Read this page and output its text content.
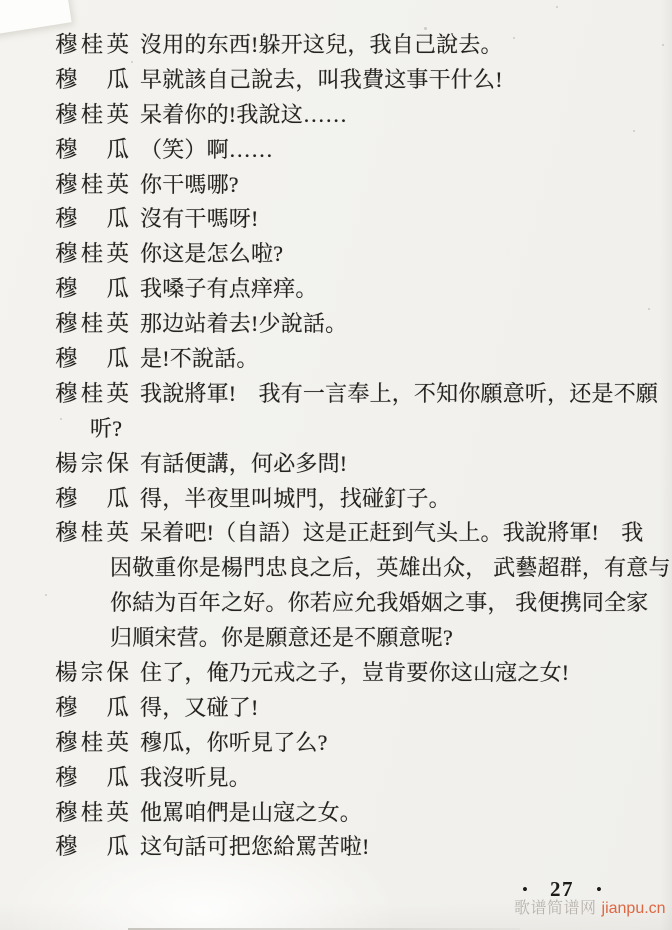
穆 桂 英 沒用的东西!躲开这兒，我自己說去。
穆 瓜 早就該自己說去，叫我費这事干什么!
穆 桂 英 呆着你的!我說这……
穆 瓜 （笑）啊……
穆 桂 英 你干嗎哪?
穆 瓜 沒有干嗎呀!
穆 桂 英 你这是怎么啦?
穆 瓜 我嗓子有点痒痒。
穆 桂 英 那边站着去!少說話。
穆 瓜 是!不說話。
穆 桂 英 我說將軍!　我有一言奉上，不知你願意听，还是不願
听?
楊 宗 保 有話便講，何必多問!
穆 瓜 得，半夜里叫城門，找碰釘子。
穆 桂 英 呆着吧!（自語）这是正赶到气头上。我說將軍!　我
因敬重你是楊門忠良之后，英雄出众， 武藝超群，有意与
你結为百年之好。你若应允我婚姻之事， 我便携同全家
归順宋营。你是願意还是不願意呢?
楊 宗 保 住了，俺乃元戎之子，豈肯要你这山寇之女!
穆 瓜 得，又碰了!
穆 桂 英 穆瓜，你听見了么?
穆 瓜 我沒听見。
穆 桂 英 他罵咱們是山寇之女。
穆 瓜 这句話可把您給罵苦啦!
• 27 •
歌谱简谱网 jianpu.cn
